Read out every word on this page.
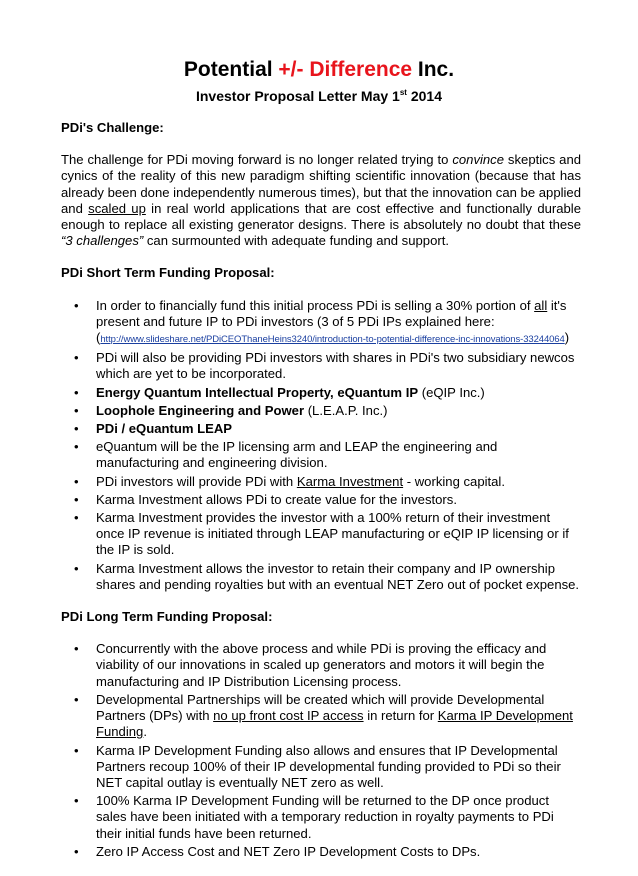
Potential +/- Difference Inc.
Investor Proposal Letter May 1st 2014
PDi's Challenge:

The challenge for PDi moving forward is no longer related trying to convince skeptics and cynics of the reality of this new paradigm shifting scientific innovation (because that has already been done independently numerous times), but that the innovation can be applied and scaled up in real world applications that are cost effective and functionally durable enough to replace all existing generator designs. There is absolutely no doubt that these “3 challenges” can surmounted with adequate funding and support.

PDi Short Term Funding Proposal:
• In order to financially fund this initial process PDi is selling a 30% portion of all it's present and future IP to PDi investors (3 of 5 PDi IPs explained here:
(http://www.slideshare.net/PDiCEOThaneHeins3240/introduction-to-potential-difference-inc-innovations-33244064)
• PDi will also be providing PDi investors with shares in PDi's two subsidiary newcos which are yet to be incorporated.
• Energy Quantum Intellectual Property, eQuantum IP (eQIP Inc.)
• Loophole Engineering and Power (L.E.A.P. Inc.)
• PDi / eQuantum LEAP
• eQuantum will be the IP licensing arm and LEAP the engineering and manufacturing and engineering division.
• PDi investors will provide PDi with Karma Investment - working capital.
• Karma Investment allows PDi to create value for the investors.
• Karma Investment provides the investor with a 100% return of their investment once IP revenue is initiated through LEAP manufacturing or eQIP IP licensing or if the IP is sold.
• Karma Investment allows the investor to retain their company and IP ownership shares and pending royalties but with an eventual NET Zero out of pocket expense.
PDi Long Term Funding Proposal:
• Concurrently with the above process and while PDi is proving the efficacy and viability of our innovations in scaled up generators and motors it will begin the manufacturing and IP Distribution Licensing process.
• Developmental Partnerships will be created which will provide Developmental Partners (DPs) with no up front cost IP access in return for Karma IP Development Funding.
• Karma IP Development Funding also allows and ensures that IP Developmental Partners recoup 100% of their IP developmental funding provided to PDi so their NET capital outlay is eventually NET zero as well.
• 100% Karma IP Development Funding will be returned to the DP once product sales have been initiated with a temporary reduction in royalty payments to PDi their initial funds have been returned.
• Zero IP Access Cost and NET Zero IP Development Costs to DPs.
